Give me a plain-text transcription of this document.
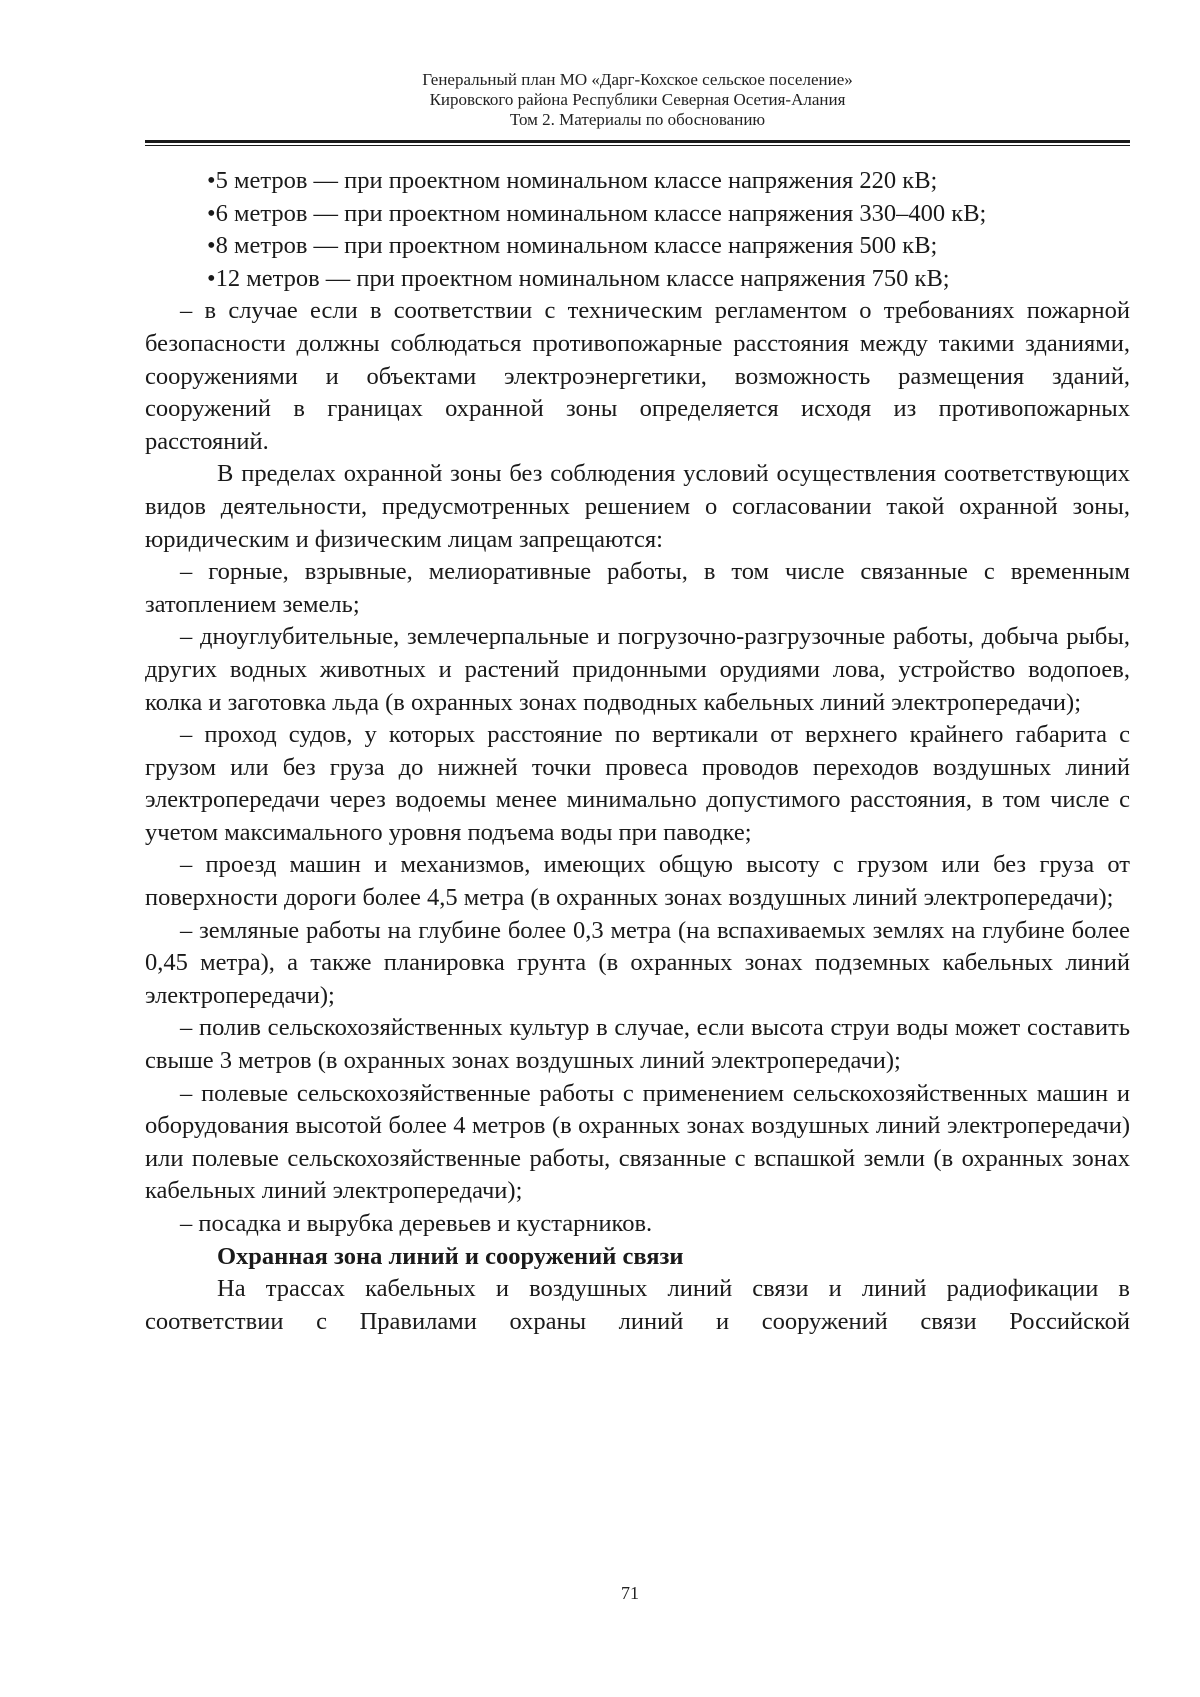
Генеральный план МО «Дарг-Кохское сельское поселение»
Кировского района Республики Северная Осетия-Алания
Том 2. Материалы по обоснованию
•5 метров — при проектном номинальном классе напряжения 220 кВ;
•6 метров — при проектном номинальном классе напряжения 330–400 кВ;
•8 метров — при проектном номинальном классе напряжения 500 кВ;
•12 метров — при проектном номинальном классе напряжения 750 кВ;

– в случае если в соответствии с техническим регламентом о требованиях пожарной безопасности должны соблюдаться противопожарные расстояния между такими зданиями, сооружениями и объектами электроэнергетики, возможность размещения зданий, сооружений в границах охранной зоны определяется исходя из противопожарных расстояний.

В пределах охранной зоны без соблюдения условий осуществления соответствующих видов деятельности, предусмотренных решением о согласовании такой охранной зоны, юридическим и физическим лицам запрещаются:

– горные, взрывные, мелиоративные работы, в том числе связанные с временным затоплением земель;

– дноуглубительные, землечерпальные и погрузочно-разгрузочные работы, добыча рыбы, других водных животных и растений придонными орудиями лова, устройство водопоев, колка и заготовка льда (в охранных зонах подводных кабельных линий электропередачи);

– проход судов, у которых расстояние по вертикали от верхнего крайнего габарита с грузом или без груза до нижней точки провеса проводов переходов воздушных линий электропередачи через водоемы менее минимально допустимого расстояния, в том числе с учетом максимального уровня подъема воды при паводке;

– проезд машин и механизмов, имеющих общую высоту с грузом или без груза от поверхности дороги более 4,5 метра (в охранных зонах воздушных линий электропередачи);

– земляные работы на глубине более 0,3 метра (на вспахиваемых землях на глубине более 0,45 метра), а также планировка грунта (в охранных зонах подземных кабельных линий электропередачи);

– полив сельскохозяйственных культур в случае, если высота струи воды может составить свыше 3 метров (в охранных зонах воздушных линий электропередачи);

– полевые сельскохозяйственные работы с применением сельскохозяйственных машин и оборудования высотой более 4 метров (в охранных зонах воздушных линий электропередачи) или полевые сельскохозяйственные работы, связанные с вспашкой земли (в охранных зонах кабельных линий электропередачи);

– посадка и вырубка деревьев и кустарников.

Охранная зона линий и сооружений связи

На трассах кабельных и воздушных линий связи и линий радиофикации в соответствии с Правилами охраны линий и сооружений связи Российской

71
